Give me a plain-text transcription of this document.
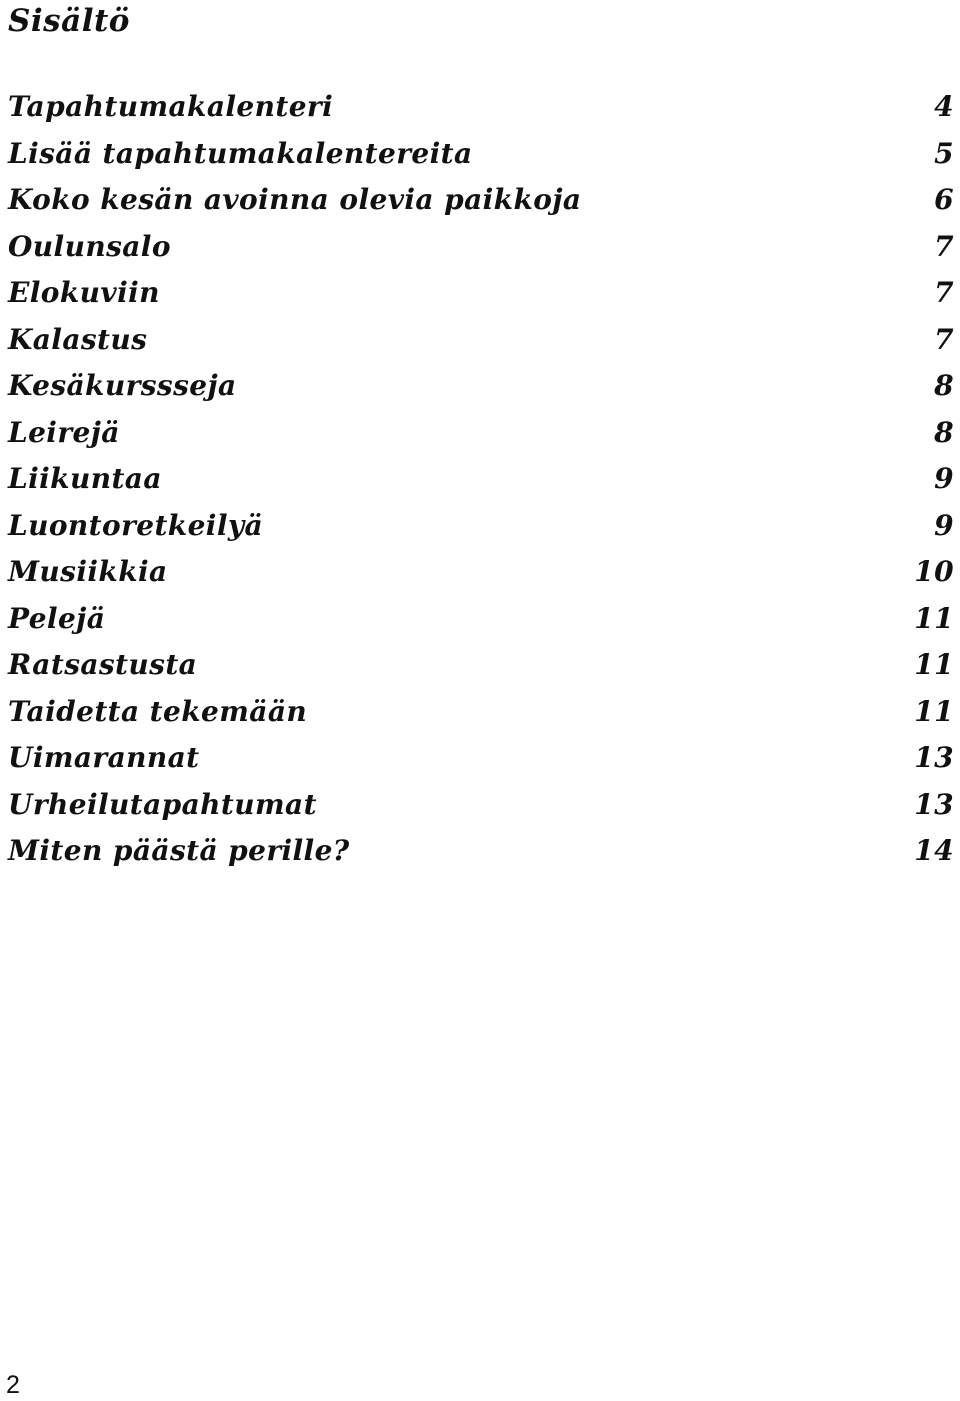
Sisältö
Tapahtumakalenteri	4
Lisää tapahtumakalentereita	5
Koko kesän avoinna olevia paikkoja	6
Oulunsalo	7
Elokuviin	7
Kalastus	7
Kesäkurssseja	8
Leirejä	8
Liikuntaa	9
Luontoretkeilyä	9
Musiikkia	10
Pelejä	11
Ratsastusta	11
Taidetta tekemään	11
Uimarannat	13
Urheilutapahtumat	13
Miten päästä perille?	14
2
